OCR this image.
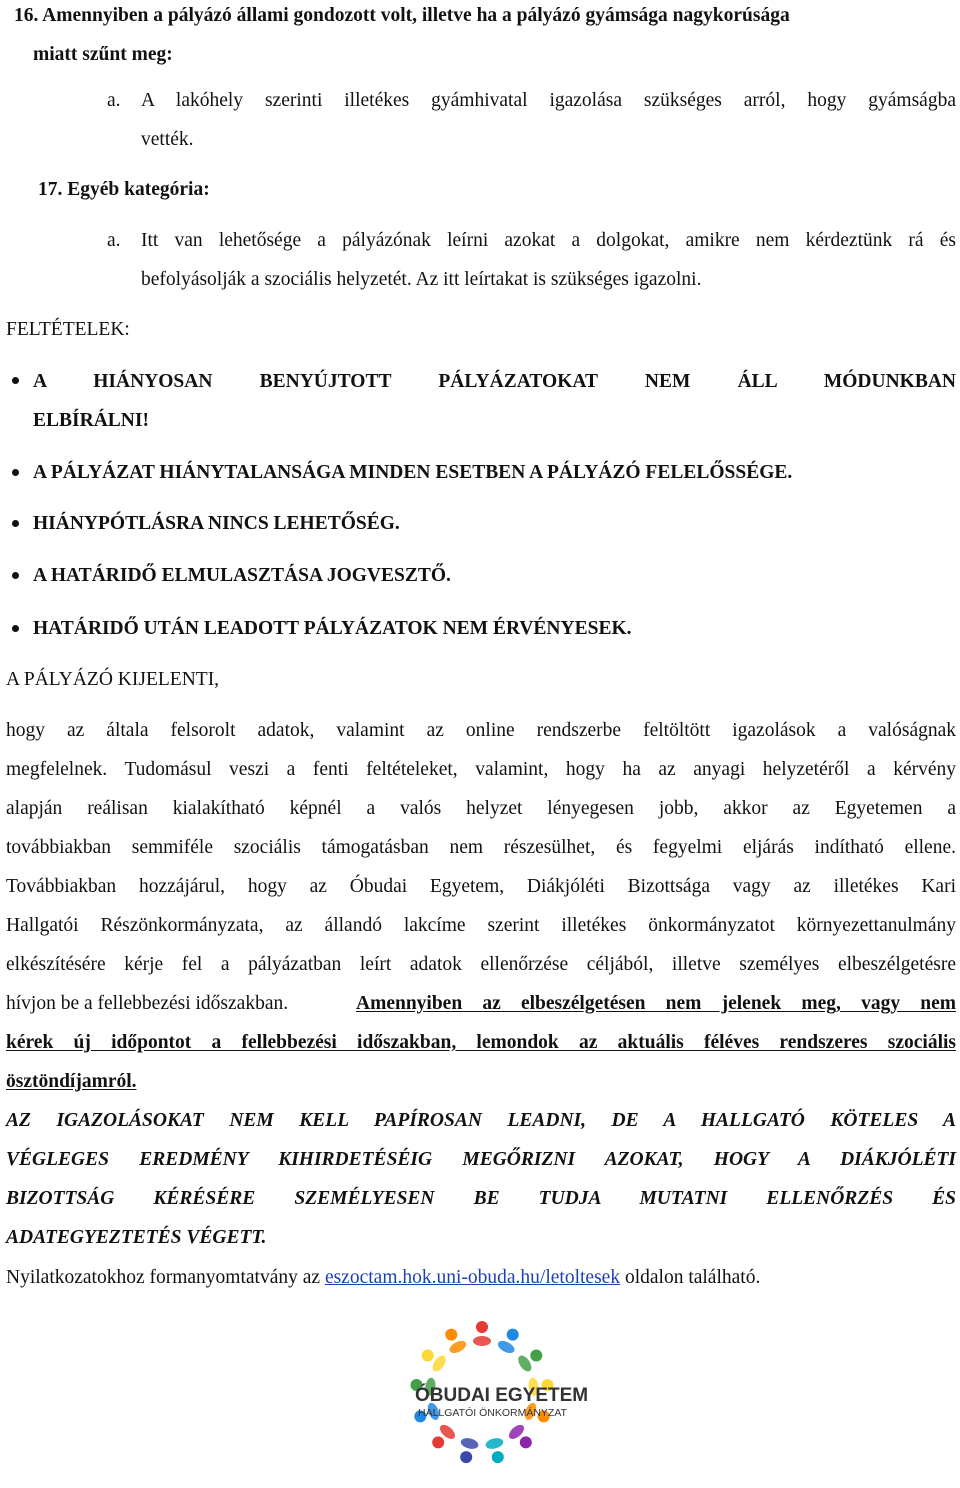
16. Amennyiben a pályázó állami gondozott volt, illetve ha a pályázó gyámsága nagykorúsága
miatt szűnt meg:
a. A lakóhely szerinti illetékes gyámhivatal igazolása szükséges arról, hogy gyámságba
vették.
17. Egyéb kategória:
a. Itt van lehetősége a pályázónak leírni azokat a dolgokat, amikre nem kérdeztünk rá és
befolyásolják a szociális helyzetét. Az itt leírtakat is szükséges igazolni.
FELTÉTELEK:
A HIÁNYOSAN BENYÚJTOTT PÁLYÁZATOKAT NEM ÁLL MÓDUNKBAN
ELBÍRÁLNI!
A PÁLYÁZAT HIÁNYTALANSÁGA MINDEN ESETBEN A PÁLYÁZÓ FELELŐSSÉGE.
HIÁNYPÓTLÁSRA NINCS LEHETŐSÉG.
A HATÁRIDŐ ELMULASZTÁSA JOGVESZTŐ.
HATÁRIDŐ UTÁN LEADOTT PÁLYÁZATOK NEM ÉRVÉNYESEK.
A PÁLYÁZÓ KIJELENTI,
hogy az általa felsorolt adatok, valamint az online rendszerbe feltöltött igazolások a valóságnak
megfelelnek. Tudomásul veszi a fenti feltételeket, valamint, hogy ha az anyagi helyzetéről a kérvény
alapján reálisan kialakítható képnél a valós helyzet lényegesen jobb, akkor az Egyetemen a
továbbiakban semmiféle szociális támogatásban nem részesülhet, és fegyelmi eljárás indítható ellene.
Továbbiakban hozzájárul, hogy az Óbudai Egyetem, Diákjóléti Bizottsága vagy az illetékes Kari
Hallgatói Részönkormányzata, az állandó lakcíme szerint illetékes önkormányzatot környezettanulmány
elkészítésére kérje fel a pályázatban leírt adatok ellenőrzése céljából, illetve személyes elbeszélgetésre
hívjon be a fellebbezési időszakban.	Amennyiben az elbeszélgetésen nem jelenek meg, vagy nem
kérek új időpontot a fellebbezési időszakban, lemondok az aktuális féléves rendszeres szociális
ösztöndíjamról.
AZ IGAZOLÁSOKAT NEM KELL PAPÍROSAN LEADNI, DE A HALLGATÓ KÖTELES A
VÉGLEGES EREDMÉNY KIHIRDETÉSÉIG MEGŐRIZNI AZOKAT, HOGY A DIÁKJÓLÉTI
BIZOTTSÁG KÉRÉSÉRE SZEMÉLYESEN BE TUDJA MUTATNI ELLENŐRZÉS ÉS
ADATEGYEZTETÉS VÉGETT.
Nyilatkozatokhoz formanyomtatvány az eszoctam.hok.uni-obuda.hu/letoltesek oldalon található.
ÓBUDAI EGYETEM
HALLGATÓI ÖNKORMÁNYZAT
